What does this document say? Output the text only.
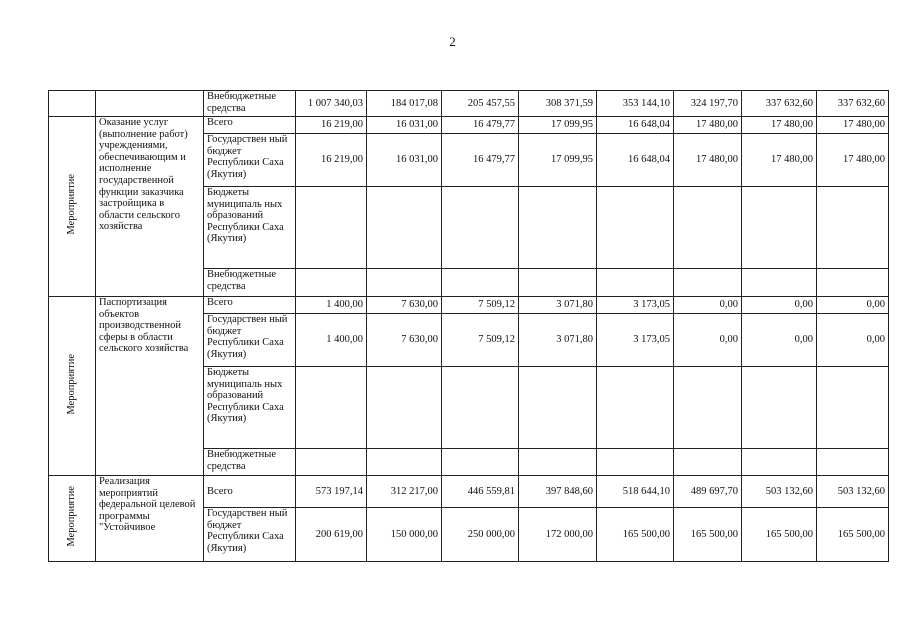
2
		Внебюджетные средства	1 007 340,03	184 017,08	205 457,55	308 371,59	353 144,10	324 197,70	337 632,60	337 632,60
Мероприятие	Оказание услуг (выполнение работ) учреждениями, обеспечивающим и исполнение государственной функции заказчика застройщика в области сельского хозяйства	Всего	16 219,00	16 031,00	16 479,77	17 099,95	16 648,04	17 480,00	17 480,00	17 480,00
		Государствен ный бюджет Республики Саха (Якутия)	16 219,00	16 031,00	16 479,77	17 099,95	16 648,04	17 480,00	17 480,00	17 480,00
		Бюджеты муниципаль ных образований Республики Саха (Якутия)								
		Внебюджетные средства								
Мероприятие	Паспортизация объектов производственной сферы в области сельского хозяйства	Всего	1 400,00	7 630,00	7 509,12	3 071,80	3 173,05	0,00	0,00	0,00
		Государствен ный бюджет Республики Саха (Якутия)	1 400,00	7 630,00	7 509,12	3 071,80	3 173,05	0,00	0,00	0,00
		Бюджеты муниципаль ных образований Республики Саха (Якутия)								
		Внебюджетные средства								
Мероприятие	Реализация мероприятий федеральной целевой программы "Устойчивое	Всего	573 197,14	312 217,00	446 559,81	397 848,60	518 644,10	489 697,70	503 132,60	503 132,60
		Государствен ный бюджет Республики Саха (Якутия)	200 619,00	150 000,00	250 000,00	172 000,00	165 500,00	165 500,00	165 500,00	165 500,00
